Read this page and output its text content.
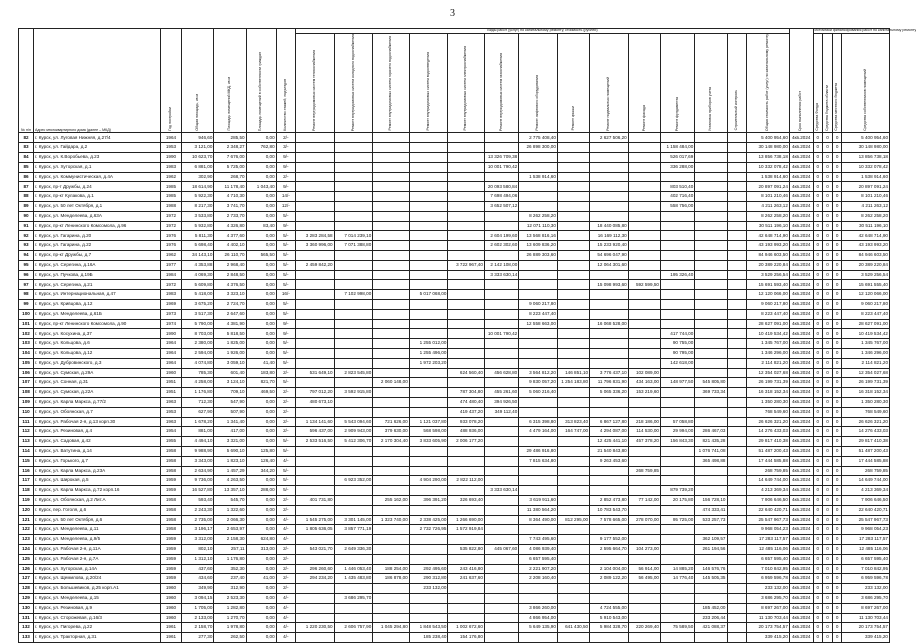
3
№ п/п	Адрес многоквартирного дома (далее – МКД)	Год постройки	Общая площадь, кв.м	Площадь помещений МКД, кв.м	Площадь помещений в собственности граждан	Количество этажей, подъездов	Виды работ (услуг) по капитальному ремонту, стоимость (рублей)														Срок выполнения работ	Источники финансирования работ по капитальному ремонту			
							Ремонт внутридомовых систем теплоснабжения	Ремонт внутридомовых систем холодного водоснабжения	Ремонт внутридомовых систем горячего водоснабжения	Ремонт внутридомовых систем водоотведения	Ремонт внутридомовых систем электроснабжения	Ремонт внутридомовых систем газоснабжения	Ремонт лифтового оборудования	Ремонт крыши	Ремонт подвальных помещений	Ремонт фасада	Ремонт фундамента	Установка приборов учета	Строительный контроль	Общая стоимость работ (услуг) по капитальному ремонту		Средства Фонда	Средства бюджета области	Средства местного бюджета	Средства собственников помещений
82	г. Курск, ул. Луговая Нижняя, д.27/4	1964	946,60	285,50	0,00	2/-							2 775 408,40		2 627 506,20					5 400 954,60	4кв.2024	0	0	0	5 400 954,60
83	г. Курск, ул. Гайдара, д.2	1953	3 121,00	2 348,27	762,80	3/-							26 898 300,00				1 158 484,00			30 148 980,00	4кв.2024	0	0	0	30 148 980,00
84	г. Курск, ул. К.Воробьева, д.23	1990	10 623,70	7 676,00	0,00	9/-						13 326 709,38					526 017,69			13 856 738,18	4кв.2024	0	0	0	13 856 738,18
85	г. Курск, ул. Хуторская, д.1	1983	6 881,00	5 725,00	0,00	9/-						10 001 790,42					336 288,00			10 332 078,42	4кв.2024	0	0	0	10 332 078,42
86	г. Курск, ул. Коммунистическая, д.4А	1962	302,90	268,70	0,00	2/-							1 538 914,60							1 538 914,60	4кв.2024	0	0	0	1 538 914,60
87	г. Курск, пр-т Дружбы, д.24	1985	18 614,90	11 178,40	1 043,40	9/-						20 093 580,84					803 510,40			20 897 091,24	4кв.2024	0	0	0	20 897 091,24
88	г. Курск, пр-кт Кулакова, д.1	1985	5 922,30	4 710,30	0,00	14/-						7 698 494,06					402 716,40			8 101 210,46	4кв.2024	0	0	0	8 101 210,46
89	г. Курск, ул. 50 лет Октября, д.1	1988	8 217,30	3 741,70	0,00	12/-						3 652 507,12					558 756,00			4 211 263,12	4кв.2024	0	0	0	4 211 263,12
90	г. Курск, ул. Менделеева, д.63А	1972	3 533,80	2 733,70	0,00	5/-							8 262 258,20							8 262 258,20	4кв.2024	0	0	0	8 262 258,20
91	г. Курск, пр-кт Ленинского Комсомола, д.96	1972	5 932,80	4 326,80	83,40	9/-							12 071 110,30		18 440 085,80					30 511 196,10	4кв.2024	0	0	0	30 511 196,10
92	г. Курск, ул. Гагарина, д.20	1976	5 811,30	4 377,60	0,00	5/-	3 283 284,58	7 014 239,10				2 604 199,60	13 568 816,16		16 169 112,30					42 648 714,90	4кв.2024	0	0	0	42 648 714,90
93	г. Курск, ул. Гагарина, д.22	1976	5 698,40	4 402,10	0,00	5/-	3 360 996,00	7 071 388,80				2 602 302,60	13 609 836,20		15 233 920,40					43 193 993,20	4кв.2024	0	0	0	43 193 993,20
94	г. Курск, пр-кт Дружбы, д.7	1962	34 143,10	26 110,70	565,50	5/-							26 889 303,60		54 696 047,90					84 946 603,50	4кв.2024	0	0	0	84 946 603,50
95	г. Курск, ул. Серегина, д.16А	1977	4 353,88	2 968,40	0,00	5/-	2 459 842,20				3 722 967,40	2 142 108,00			12 064 301,60					20 389 220,84	4кв.2024	0	0	0	20 389 220,84
96	г. Курск, ул. Пучкова, д.19Б	1984	4 069,30	2 848,50	0,00	5/-						3 333 630,14					195 326,40			3 529 256,54	4кв.2024	0	0	0	3 529 256,54
97	г. Курск, ул. Серегина, д.21	1972	5 609,80	4 376,50	0,00	5/-									15 098 993,60	592 599,50				15 691 593,40	4кв.2024	0	0	0	15 691 555,40
98	г. Курск, ул. Интернациональная, д.47	1983	5 418,00	3 323,10	0,00	16/-		7 102 998,00		5 017 068,00										12 120 066,00	4кв.2024	0	0	0	12 120 066,00
99	г. Курск, ул. Кривцова, д.12	1969	3 675,20	2 724,70	0,00	5/-							9 060 217,80							9 060 217,80	4кв.2024	0	0	0	9 060 217,80
100	г. Курск, ул. Менделеева, д.61Б	1973	3 517,30	2 647,60	0,00	5/-							8 223 447,40							8 223 447,40	4кв.2024	0	0	0	8 223 447,40
101	г. Курск, пр-кт Ленинского Комсомола, д.90	1974	5 790,00	4 381,90	0,00	9/-							12 558 663,00		16 068 528,00					28 627 091,00	4кв.2024	0	0	0	28 627 091,00
102	г. Курск, ул. Косухина, д.37	1990	8 703,00	5 818,50	0,00	9/-						10 001 790,42					417 744,00			10 419 534,42	4кв.2024	0	0	0	10 419 534,42
103	г. Курск, ул. Кольцова, д.6	1964	2 380,00	1 825,00	0,00	5/-				1 255 012,00							90 755,00			1 345 767,00	4кв.2024	0	0	0	1 345 767,00
104	г. Курск, ул. Кольцова, д.12	1964	2 594,00	1 926,00	0,00	5/-				1 255 496,00							90 795,00			1 346 296,00	4кв.2024	0	0	0	1 346 296,00
105	г. Курск, ул. Дубровинского, д.3	1964	4 074,80	3 059,10	41,40	5/-				1 972 203,20							142 618,00			2 114 821,20	4кв.2024	0	0	0	2 114 821,20
106	г. Курск, ул. Сумская, д.29А	1960	785,30	601,40	183,80	2/-	531 649,10	2 823 545,80			624 560,40	456 628,80	3 564 812,20	146 851,10	3 776 437,10	102 089,00				12 354 027,68	4кв.2024	0	0	0	12 354 027,68
107	г. Курск, ул. Сонная, д.31	1951	4 258,00	3 124,10	821,70	5/-			2 060 148,00				9 830 057,20	1 254 183,80	11 796 831,90	434 163,00	148 977,50	545 805,80		26 199 731,39	4кв.2024	0	0	0	26 199 731,39
108	г. Курск, ул. Сумская, д.22А	1951	1 176,80	709,10	469,50	2/-	797 012,20	3 592 915,80			787 304,80	455 261,60	5 060 216,40		5 065 336,20	153 219,60		369 733,34		16 318 152,34	4кв.2024	0	0	0	16 318 152,34
109	г. Курск, ул. Карла Маркса, д.77/2	1963	712,30	547,90	0,00	2/-	480 673,10				474 480,40	394 926,50								1 350 280,30	4кв.2024	0	0	0	1 350 280,30
110	г. Курск, ул. Обоянская, д.7	1953	627,90	507,90	0,00	2/-					419 437,20	349 112,40								768 549,60	4кв.2024	0	0	0	768 549,60
111	г. Курск, ул. Рабочая 2-я, д.13 корп.30	1963	1 678,20	1 341,40	0,00	2/-	1 134 141,60	5 543 094,60	721 626,00	1 121 037,80	933 078,20		6 315 398,80	313 823,40	6 867 127,80	218 186,00	57 058,80			26 626 321,20	4кв.2024	0	0	0	26 626 321,20
112	г. Курск, ул. Резиновая, д.4	1954	881,00	417,00	0,00	2/-	596 437,00	2 909 943,00	379 630,00	568 598,00	488 936,00		4 479 164,00	164 747,00	4 294 087,00	114 530,00	29 994,00	286 467,03		14 276 433,03	4кв.2024	0	0	0	14 276 433,03
113	г. Курск, ул. Садовая, д.42	1955	4 494,10	3 321,00	0,00	5/-	2 533 516,50	5 412 306,70	2 170 304,40	3 833 605,90	2 006 177,20				12 425 441,10	457 378,20	156 843,30	821 435,28		29 817 410,38	4кв.2024	0	0	0	29 817 410,38
114	г. Курск, ул. Ватутина, д.14	1958	9 988,90	5 690,10	125,80	5/-							29 486 916,80		21 540 843,80			1 076 741,08		51 487 200,43	4кв.2024	0	0	0	51 487 200,43
115	г. Курск, ул. Горького, д.7	1958	3 343,00	1 823,10	126,40	4/-							7 815 634,80		9 263 453,60			365 498,88		17 444 585,88	4кв.2024	0	0	0	17 444 585,88
116	г. Курск, ул. Карла Маркса, д.23А	1958	2 634,90	1 457,29	344,20	5/-										268 759,85				268 759,85	4кв.2024	0	0	0	268 759,85
117	г. Курск, ул. Широкая, д.5	1959	9 736,00	4 263,50	0,00	5/-		6 923 352,00		4 904 290,00	2 822 112,00									14 649 744,00	4кв.2024	0	0	0	14 649 744,00
118	г. Курск, ул. Карла Маркса, д.72 корп.16	1959	16 527,80	13 357,10	288,00	5/-						3 333 630,14					879 739,20			4 213 369,34	4кв.2024	0	0	0	4 213 369,34
119	г. Курск, ул. Обоянская, д.2 Лит.А	1958	593,40	545,70	0,00	2/-	401 731,80		255 162,00	396 391,20	326 693,40		3 619 911,60		2 852 473,80	77 142,00	20 175,80	156 728,10		7 906 646,50	4кв.2024	0	0	0	7 906 646,50
120	г. Курск, пер. Гоголя, д.6	1958	2 243,30	1 322,60	0,00	2/-							11 380 564,20		10 783 543,70			474 333,41		22 640 420,71	4кв.2024	0	0	0	22 640 420,71
121	г. Курск, ул. 50 лет Октября, д.6	1958	2 735,00	2 066,30	0,00	4/-	1 545 275,00	3 301 145,00	1 323 740,00	2 338 425,00	1 266 690,00		8 364 490,00	812 295,00	7 578 665,00	278 070,00	95 725,00	533 257,73		25 547 967,73	4кв.2024	0	0	0	25 547 967,73
122	г. Курск, ул. Менделеева, д.11	1958	3 196,17	2 653,97	0,00	4/-	1 805 636,05	3 857 771,19		2 732 726,95	1 572 919,84									9 968 054,23	4кв.2024	0	0	0	9 968 054,23
123	г. Курск, ул. Менделеева, д.9/5	1959	3 312,00	2 158,30	624,80	4/-							7 743 495,60		9 177 552,00			362 109,57		17 283 117,57	4кв.2024	0	0	0	17 283 117,57
124	г. Курск, ул. Рабочая 2-я, д.11А	1959	802,10	257,11	313,00	2/-	543 021,70	2 649 336,30			535 822,80	445 067,60	4 086 939,40		2 595 664,70	104 273,00		261 194,56		12 485 116,06	4кв.2024	0	0	0	12 485 116,06
125	г. Курск, ул. Рабочая 2-я, д.7А	1959	1 312,10	1 176,80	0,00	2/-							6 657 595,40							6 657 595,40	4кв.2024	0	0	0	6 657 595,40
126	г. Курск, ул. Хуторская, д.14А	1959	437,60	352,30	0,00	2/-	296 260,60	1 446 053,40	188 254,00	292 495,60	243 416,80		2 221 907,20		2 104 004,00	56 914,00	14 885,20	146 576,76		7 010 842,95	4кв.2024	0	0	0	7 010 842,95
127	г. Курск, ул. Щемилова, д.20/24	1959	434,60	237,40	41,00	2/-	294 234,20	1 435 483,80	186 878,00	290 312,80	241 637,60		2 208 160,40		2 089 122,20	56 495,00	14 776,40	145 505,35		6 959 596,78	4кв.2024	0	0	0	6 959 596,78
128	г. Курск, ул. Большевиков, д.25 корп.А1	1960	349,90	312,90	0,00	2/-				233 132,00										233 132,00	4кв.2024	0	0	0	233 132,00
129	г. Курск, ул. Менделеева, д.15	1960	3 094,15	2 523,30	0,00	4/-		3 686 295,70												3 686 295,70	4кв.2024	0	0	0	3 686 295,70
130	г. Курск, ул. Резиновая, д.9	1960	1 705,00	1 282,80	0,00	4/-							3 866 260,00		4 724 555,00			185 452,00		8 697 267,00	4кв.2024	0	0	0	8 697 267,00
131	г. Курск, ул. Сторожевая, д.16/3	1960	2 133,00	1 270,70	0,00	4/-							4 866 954,00		5 910 543,00			233 206,44		11 130 703,44	4кв.2024	0	0	0	11 130 703,44
132	г. Курск, ул. Пигорева, д.22	1961	2 158,70	1 978,80	0,00	4/-	1 220 230,50	2 606 757,90	1 045 294,80	1 848 543,50	1 002 672,60		5 649 135,90	641 430,50	5 984 328,70	220 269,40	75 589,50	421 088,37		20 173 754,57	4кв.2024	0	0	0	20 173 754,57
133	г. Курск, ул. Тракторная, д.31	1961	277,30	262,50	0,00	4/-				185 238,40	154 176,80									339 415,20	4кв.2024	0	0	0	339 415,20
